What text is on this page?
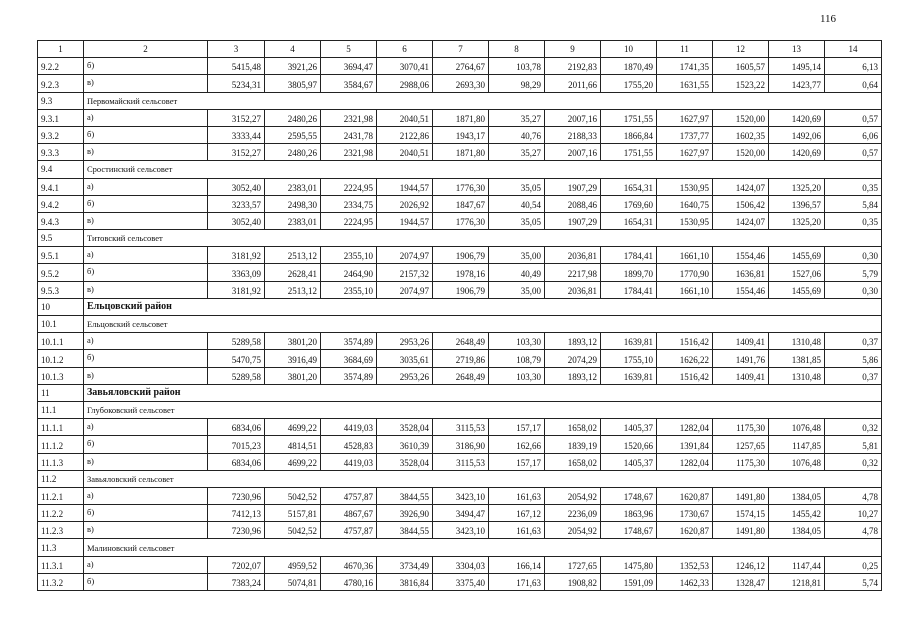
116
1	2	3	4	5	6	7	8	9	10	11	12	13	14
9.2.2	б)	5415,48	3921,26	3694,47	3070,41	2764,67	103,78	2192,83	1870,49	1741,35	1605,57	1495,14	6,13
9.2.3	в)	5234,31	3805,97	3584,67	2988,06	2693,30	98,29	2011,66	1755,20	1631,55	1523,22	1423,77	0,64
9.3	Первомайский сельсовет												
9.3.1	а)	3152,27	2480,26	2321,98	2040,51	1871,80	35,27	2007,16	1751,55	1627,97	1520,00	1420,69	0,57
9.3.2	б)	3333,44	2595,55	2431,78	2122,86	1943,17	40,76	2188,33	1866,84	1737,77	1602,35	1492,06	6,06
9.3.3	в)	3152,27	2480,26	2321,98	2040,51	1871,80	35,27	2007,16	1751,55	1627,97	1520,00	1420,69	0,57
9.4	Сростинский сельсовет												
9.4.1	а)	3052,40	2383,01	2224,95	1944,57	1776,30	35,05	1907,29	1654,31	1530,95	1424,07	1325,20	0,35
9.4.2	б)	3233,57	2498,30	2334,75	2026,92	1847,67	40,54	2088,46	1769,60	1640,75	1506,42	1396,57	5,84
9.4.3	в)	3052,40	2383,01	2224,95	1944,57	1776,30	35,05	1907,29	1654,31	1530,95	1424,07	1325,20	0,35
9.5	Титовский сельсовет												
9.5.1	а)	3181,92	2513,12	2355,10	2074,97	1906,79	35,00	2036,81	1784,41	1661,10	1554,46	1455,69	0,30
9.5.2	б)	3363,09	2628,41	2464,90	2157,32	1978,16	40,49	2217,98	1899,70	1770,90	1636,81	1527,06	5,79
9.5.3	в)	3181,92	2513,12	2355,10	2074,97	1906,79	35,00	2036,81	1784,41	1661,10	1554,46	1455,69	0,30
10	Ельцовский район												
10.1	Ельцовский сельсовет												
10.1.1	а)	5289,58	3801,20	3574,89	2953,26	2648,49	103,30	1893,12	1639,81	1516,42	1409,41	1310,48	0,37
10.1.2	б)	5470,75	3916,49	3684,69	3035,61	2719,86	108,79	2074,29	1755,10	1626,22	1491,76	1381,85	5,86
10.1.3	в)	5289,58	3801,20	3574,89	2953,26	2648,49	103,30	1893,12	1639,81	1516,42	1409,41	1310,48	0,37
11	Завьяловский район												
11.1	Глубоковский сельсовет												
11.1.1	а)	6834,06	4699,22	4419,03	3528,04	3115,53	157,17	1658,02	1405,37	1282,04	1175,30	1076,48	0,32
11.1.2	б)	7015,23	4814,51	4528,83	3610,39	3186,90	162,66	1839,19	1520,66	1391,84	1257,65	1147,85	5,81
11.1.3	в)	6834,06	4699,22	4419,03	3528,04	3115,53	157,17	1658,02	1405,37	1282,04	1175,30	1076,48	0,32
11.2	Завьяловский сельсовет												
11.2.1	а)	7230,96	5042,52	4757,87	3844,55	3423,10	161,63	2054,92	1748,67	1620,87	1491,80	1384,05	4,78
11.2.2	б)	7412,13	5157,81	4867,67	3926,90	3494,47	167,12	2236,09	1863,96	1730,67	1574,15	1455,42	10,27
11.2.3	в)	7230,96	5042,52	4757,87	3844,55	3423,10	161,63	2054,92	1748,67	1620,87	1491,80	1384,05	4,78
11.3	Малиновский сельсовет												
11.3.1	а)	7202,07	4959,52	4670,36	3734,49	3304,03	166,14	1727,65	1475,80	1352,53	1246,12	1147,44	0,25
11.3.2	б)	7383,24	5074,81	4780,16	3816,84	3375,40	171,63	1908,82	1591,09	1462,33	1328,47	1218,81	5,74
